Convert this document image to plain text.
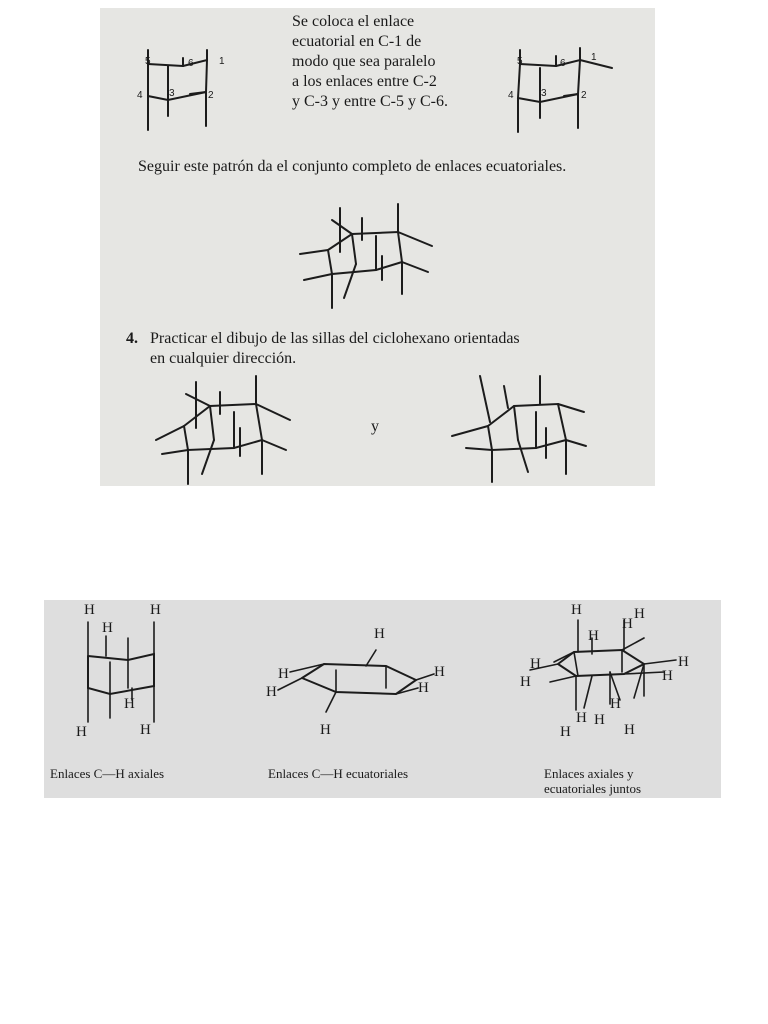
5	6	1
4	3	2
5	6
1
4	3	2
Se coloca el enlace
ecuatorial en C-1 de
modo que sea paralelo
a los enlaces entre C-2
y C-3 y entre C-5 y C-6.
Seguir este patrón da el conjunto completo de enlaces ecuatoriales.
4. Practicar el dibujo de las sillas del ciclohexano orientadas
en cualquier dirección.
y
H	H
H
H
H	H
H
H
H
H
H
H
H
H
H
H
H
H
H
H
H
H H
H	H
Enlaces C—H axiales	Enlaces C—H ecuatoriales	Enlaces axiales y
ecuatoriales juntos
